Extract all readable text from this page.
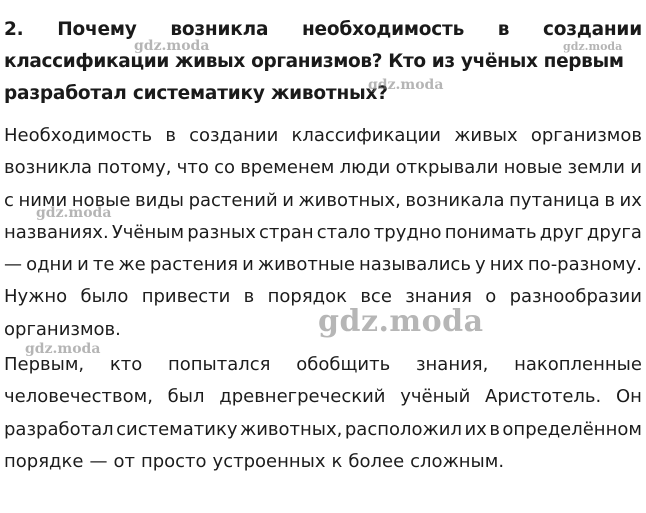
2. Почему возникла необходимость в создании
классификации живых организмов? Кто из учёных первым
разработал систематику животных?
Необходимость в создании классификации живых организмов
возникла потому, что со временем люди открывали новые земли и
с ними новые виды растений и животных, возникала путаница в их
названиях. Учёным разных стран стало трудно понимать друг друга
— одни и те же растения и животные назывались у них по-разному.
Нужно было привести в порядок все знания о разнообразии
организмов.
Первым, кто попытался обобщить знания, накопленные
человечеством, был древнегреческий учёный Аристотель. Он
разработал систематику животных, расположил их в определённом
порядке — от просто устроенных к более сложным.
gdz.moda	gdz.moda
gdz.moda
gdz.moda
gdz.moda
gdz.moda
